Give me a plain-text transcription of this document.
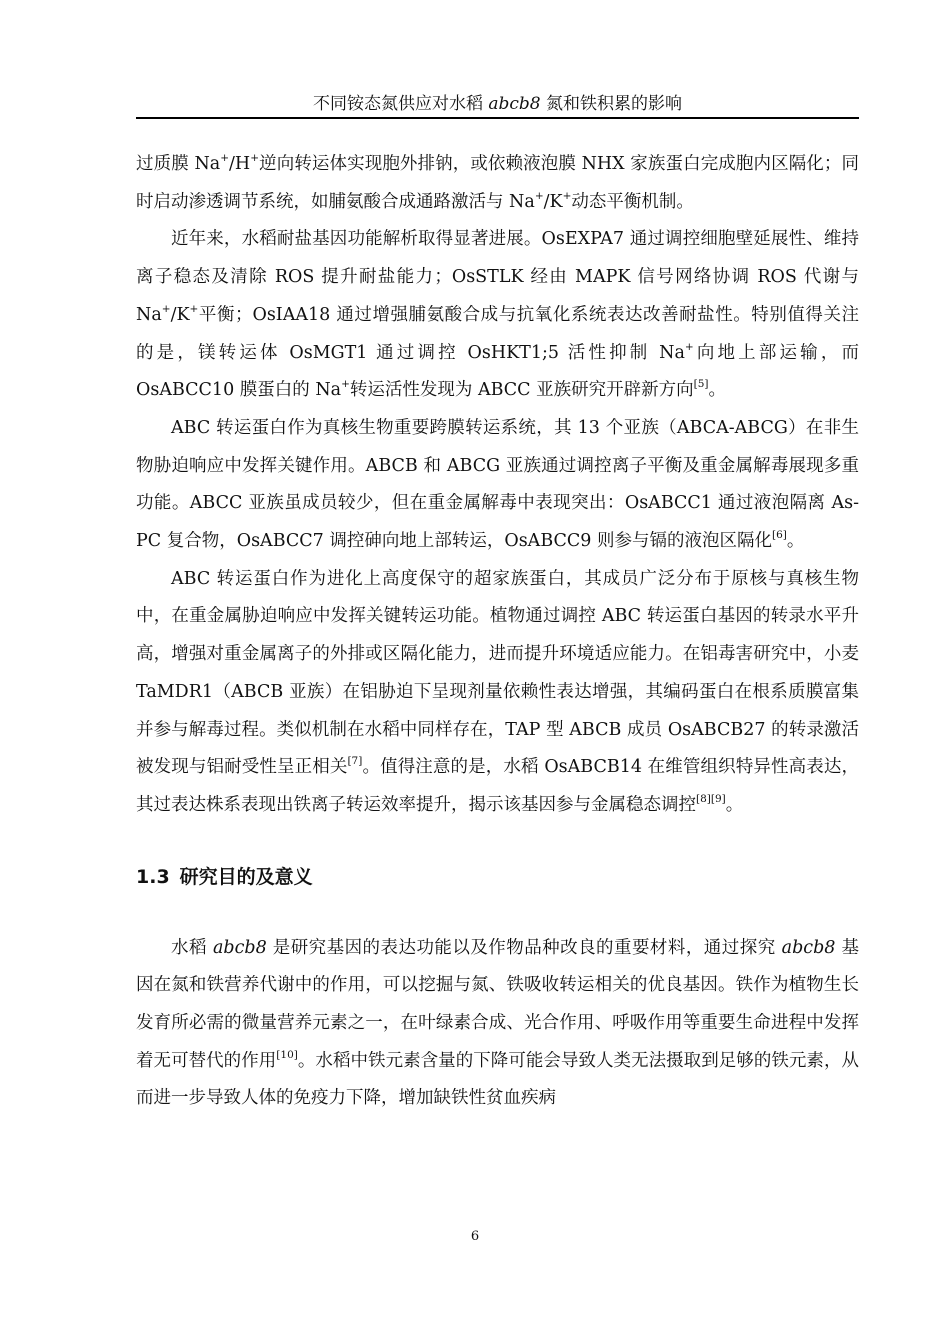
不同铵态氮供应对水稻 abcb8 氮和铁积累的影响

过质膜 Na+/H+逆向转运体实现胞外排钠，或依赖液泡膜 NHX 家族蛋白完成胞内区隔化；同时启动渗透调节系统，如脯氨酸合成通路激活与 Na+/K+动态平衡机制。

近年来，水稻耐盐基因功能解析取得显著进展。OsEXPA7 通过调控细胞壁延展性、维持离子稳态及清除 ROS 提升耐盐能力；OsSTLK 经由 MAPK 信号网络协调 ROS 代谢与 Na+/K+平衡；OsIAA18 通过增强脯氨酸合成与抗氧化系统表达改善耐盐性。特别值得关注的是，镁转运体 OsMGT1 通过调控 OsHKT1;5 活性抑制 Na+向地上部运输，而 OsABCC10 膜蛋白的 Na+转运活性发现为 ABCC 亚族研究开辟新方向[5]。

ABC 转运蛋白作为真核生物重要跨膜转运系统，其 13 个亚族（ABCA-ABCG）在非生物胁迫响应中发挥关键作用。ABCB 和 ABCG 亚族通过调控离子平衡及重金属解毒展现多重功能。ABCC 亚族虽成员较少，但在重金属解毒中表现突出：OsABCC1 通过液泡隔离 As-PC 复合物，OsABCC7 调控砷向地上部转运，OsABCC9 则参与镉的液泡区隔化[6]。

ABC 转运蛋白作为进化上高度保守的超家族蛋白，其成员广泛分布于原核与真核生物中，在重金属胁迫响应中发挥关键转运功能。植物通过调控 ABC 转运蛋白基因的转录水平升高，增强对重金属离子的外排或区隔化能力，进而提升环境适应能力。在铝毒害研究中，小麦 TaMDR1（ABCB 亚族）在铝胁迫下呈现剂量依赖性表达增强，其编码蛋白在根系质膜富集并参与解毒过程。类似机制在水稻中同样存在，TAP 型 ABCB 成员 OsABCB27 的转录激活被发现与铝耐受性呈正相关[7]。值得注意的是，水稻 OsABCB14 在维管组织特异性高表达，其过表达株系表现出铁离子转运效率提升，揭示该基因参与金属稳态调控[8][9]。

1.3 研究目的及意义

水稻 abcb8 是研究基因的表达功能以及作物品种改良的重要材料，通过探究 abcb8 基因在氮和铁营养代谢中的作用，可以挖掘与氮、铁吸收转运相关的优良基因。铁作为植物生长发育所必需的微量营养元素之一，在叶绿素合成、光合作用、呼吸作用等重要生命进程中发挥着无可替代的作用[10]。水稻中铁元素含量的下降可能会导致人类无法摄取到足够的铁元素，从而进一步导致人体的免疫力下降，增加缺铁性贫血疾病

6
